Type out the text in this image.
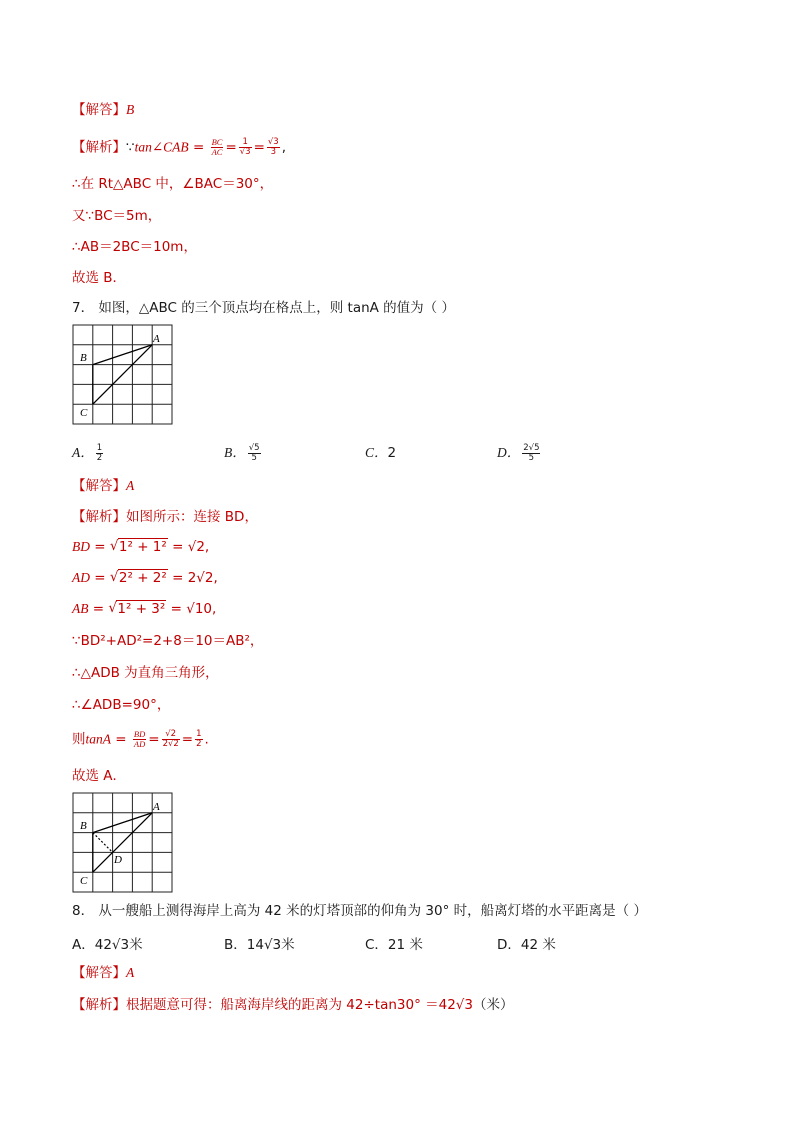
【解答】B
【解析】∵tan∠CAB = $\frac{BC}{AC} = \frac{1}{√3} = \frac{√3}{3}$ ,
∴在 Rt△ABC 中，∠BAC＝30°，
又∵BC＝5m，
∴AB＝2BC＝10m，
故选 B．
7． 如图，△ABC 的三个顶点均在格点上，则 tanA 的值为（ ）
A
B
C
A． $\frac{1}{2}$	B． $\frac{√5}{5}$	C．2	D． $\frac{2√5}{5}$
【解答】A
【解析】如图所示：连接 BD，
BD = √ 1² + 1² = √2,
AD = √ 2² + 2² = 2√2,
AB = √ 1² + 3² = √10,
∵BD²+AD²=2+8＝10＝AB²，
∴△ADB 为直角三角形，
∴∠ADB=90°，
则$\tan A = \frac{BD}{AD} = \frac{√2}{2√2} = \frac{1}{2}$ .
故选 A．
A
B
C
D
8． 从一艘船上测得海岸上高为 42 米的灯塔顶部的仰角为 30° 时，船离灯塔的水平距离是（ ）
A．42√3米	B．14√3米	C．21 米	D．42 米
【解答】A
【解析】根据题意可得：船离海岸线的距离为 42÷tan30° ＝42√3（米）
